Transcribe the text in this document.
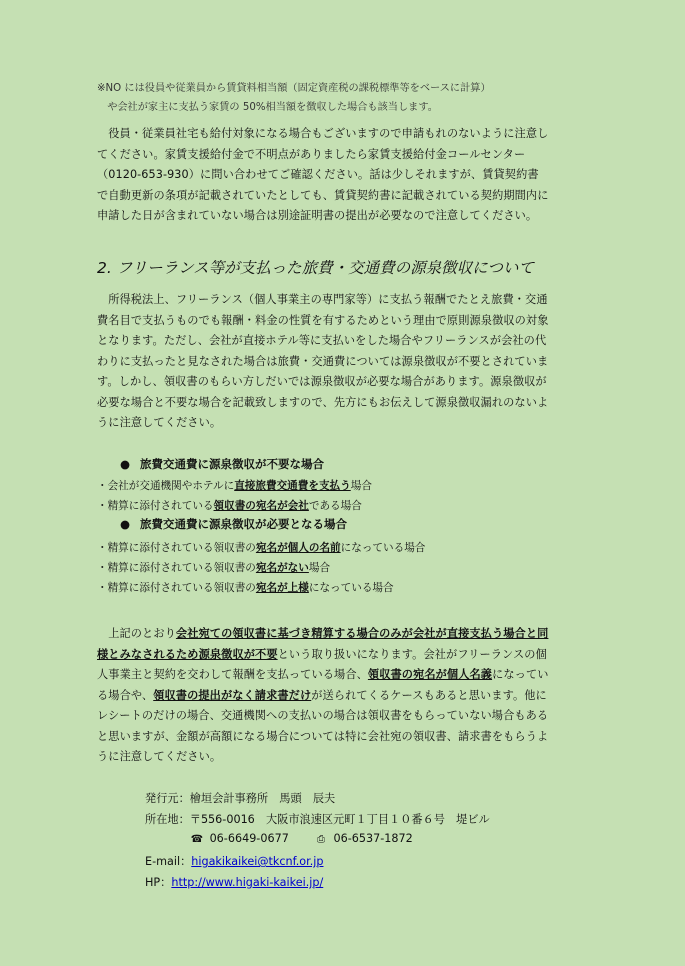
※NO には役員や従業員から賃貸料相当額（固定資産税の課税標準等をベースに計算）

や会社が家主に支払う家賃の 50%相当額を徴収した場合も該当します。

役員・従業員社宅も給付対象になる場合もございますので申請もれのないように注意し

てください。家賃支援給付金で不明点がありましたら家賃支援給付金コールセンター

（0120-653-930）に問い合わせてご確認ください。話は少しそれますが、賃貸契約書

で自動更新の条項が記載されていたとしても、賃貸契約書に記載されている契約期間内に

申請した日が含まれていない場合は別途証明書の提出が必要なので注意してください。

2. フリーランス等が支払った旅費・交通費の源泉徴収について

所得税法上、フリーランス（個人事業主の専門家等）に支払う報酬でたとえ旅費・交通

費名目で支払うものでも報酬・料金の性質を有するためという理由で原則源泉徴収の対象

となります。ただし、会社が直接ホテル等に支払いをした場合やフリーランスが会社の代

わりに支払ったと見なされた場合は旅費・交通費については源泉徴収が不要とされていま

す。しかし、領収書のもらい方しだいでは源泉徴収が必要な場合があります。源泉徴収が

必要な場合と不要な場合を記載致しますので、先方にもお伝えして源泉徴収漏れのないよ

うに注意してください。

● 旅費交通費に源泉徴収が不要な場合
・会社が交通機関やホテルに直接旅費交通費を支払う場合
・精算に添付されている領収書の宛名が会社である場合
● 旅費交通費に源泉徴収が必要となる場合
・精算に添付されている領収書の宛名が個人の名前になっている場合
・精算に添付されている領収書の宛名がない場合
・精算に添付されている領収書の宛名が上様になっている場合

上記のとおり会社宛ての領収書に基づき精算する場合のみが会社が直接支払う場合と同

様とみなされるため源泉徴収が不要という取り扱いになります。会社がフリーランスの個

人事業主と契約を交わして報酬を支払っている場合、領収書の宛名が個人名義になってい

る場合や、領収書の提出がなく請求書だけが送られてくるケースもあると思います。他に

レシートのだけの場合、交通機関への支払いの場合は領収書をもらっていない場合もある

と思いますが、金額が高額になる場合については特に会社宛の領収書、請求書をもらうよ

うに注意してください。

発行元：檜垣会計事務所　馬頭　辰夫
所在地：〒556-0016　大阪市浪速区元町１丁目１０番６号　堤ビル
☎ 06-6649-0677	⎙ 06-6537-1872
E-mail：higakikaikei@tkcnf.or.jp
HP：http://www.higaki-kaikei.jp/
